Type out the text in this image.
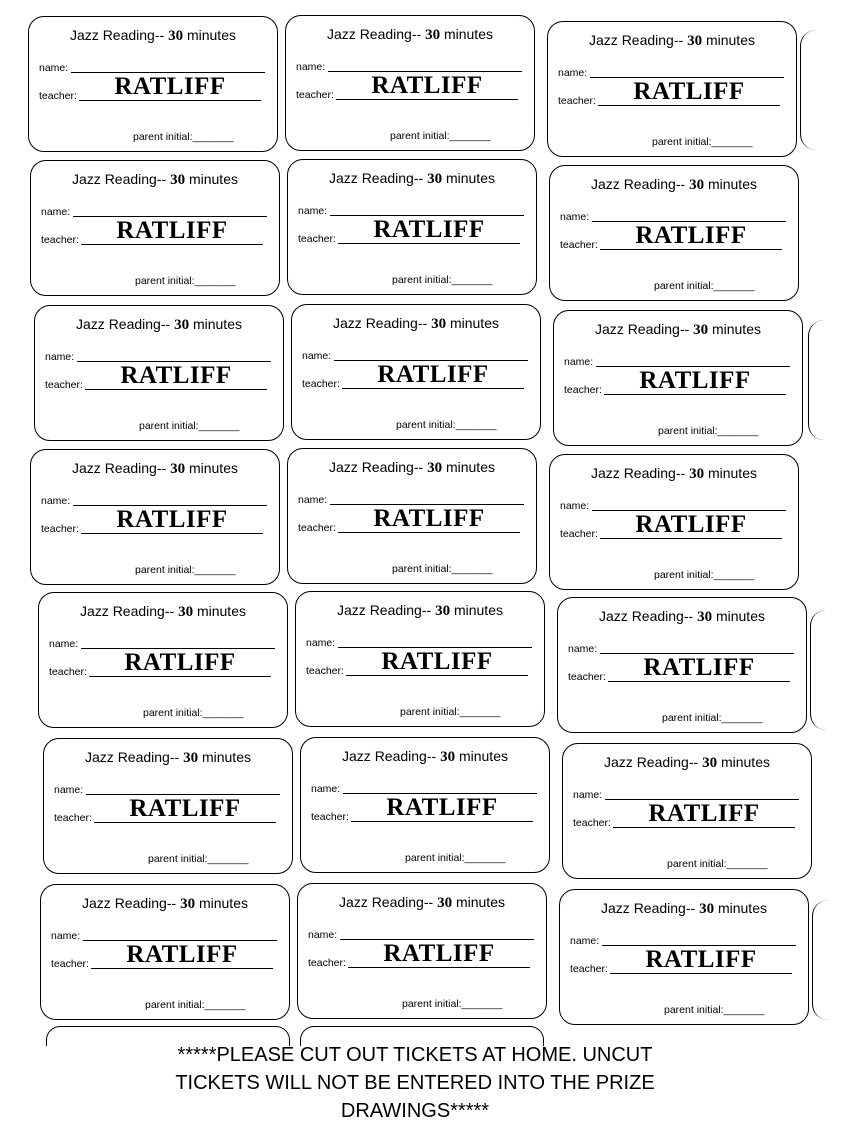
Jazz Reading-- 30 minutes
name:
teacher:	RATLIFF
parent initial:_______
Jazz Reading-- 30 minutes
name:
teacher:	RATLIFF
parent initial:_______
Jazz Reading-- 30 minutes
name:
teacher:	RATLIFF
parent initial:_______
Jazz Reading-- 30 minutes
name:
teacher:	RATLIFF
parent initial:_______
Jazz Reading-- 30 minutes
name:
teacher:	RATLIFF
parent initial:_______
Jazz Reading-- 30 minutes
name:
teacher:	RATLIFF
parent initial:_______
Jazz Reading-- 30 minutes
name:
teacher:	RATLIFF
parent initial:_______
Jazz Reading-- 30 minutes
name:
teacher:	RATLIFF
parent initial:_______
Jazz Reading-- 30 minutes
name:
teacher:	RATLIFF
parent initial:_______
Jazz Reading-- 30 minutes
name:
teacher:	RATLIFF
parent initial:_______
Jazz Reading-- 30 minutes
name:
teacher:	RATLIFF
parent initial:_______
Jazz Reading-- 30 minutes
name:
teacher:	RATLIFF
parent initial:_______
Jazz Reading-- 30 minutes
name:
teacher:	RATLIFF
parent initial:_______
Jazz Reading-- 30 minutes
name:
teacher:	RATLIFF
parent initial:_______
Jazz Reading-- 30 minutes
name:
teacher:	RATLIFF
parent initial:_______
Jazz Reading-- 30 minutes
name:
teacher:	RATLIFF
parent initial:_______
Jazz Reading-- 30 minutes
name:
teacher:	RATLIFF
parent initial:_______
Jazz Reading-- 30 minutes
name:
teacher:	RATLIFF
parent initial:_______
Jazz Reading-- 30 minutes
name:
teacher:	RATLIFF
parent initial:_______
Jazz Reading-- 30 minutes
name:
teacher:	RATLIFF
parent initial:_______
Jazz Reading-- 30 minutes
name:
teacher:	RATLIFF
parent initial:_______
*****PLEASE CUT OUT TICKETS AT HOME. UNCUT
TICKETS WILL NOT BE ENTERED INTO THE PRIZE
DRAWINGS*****
